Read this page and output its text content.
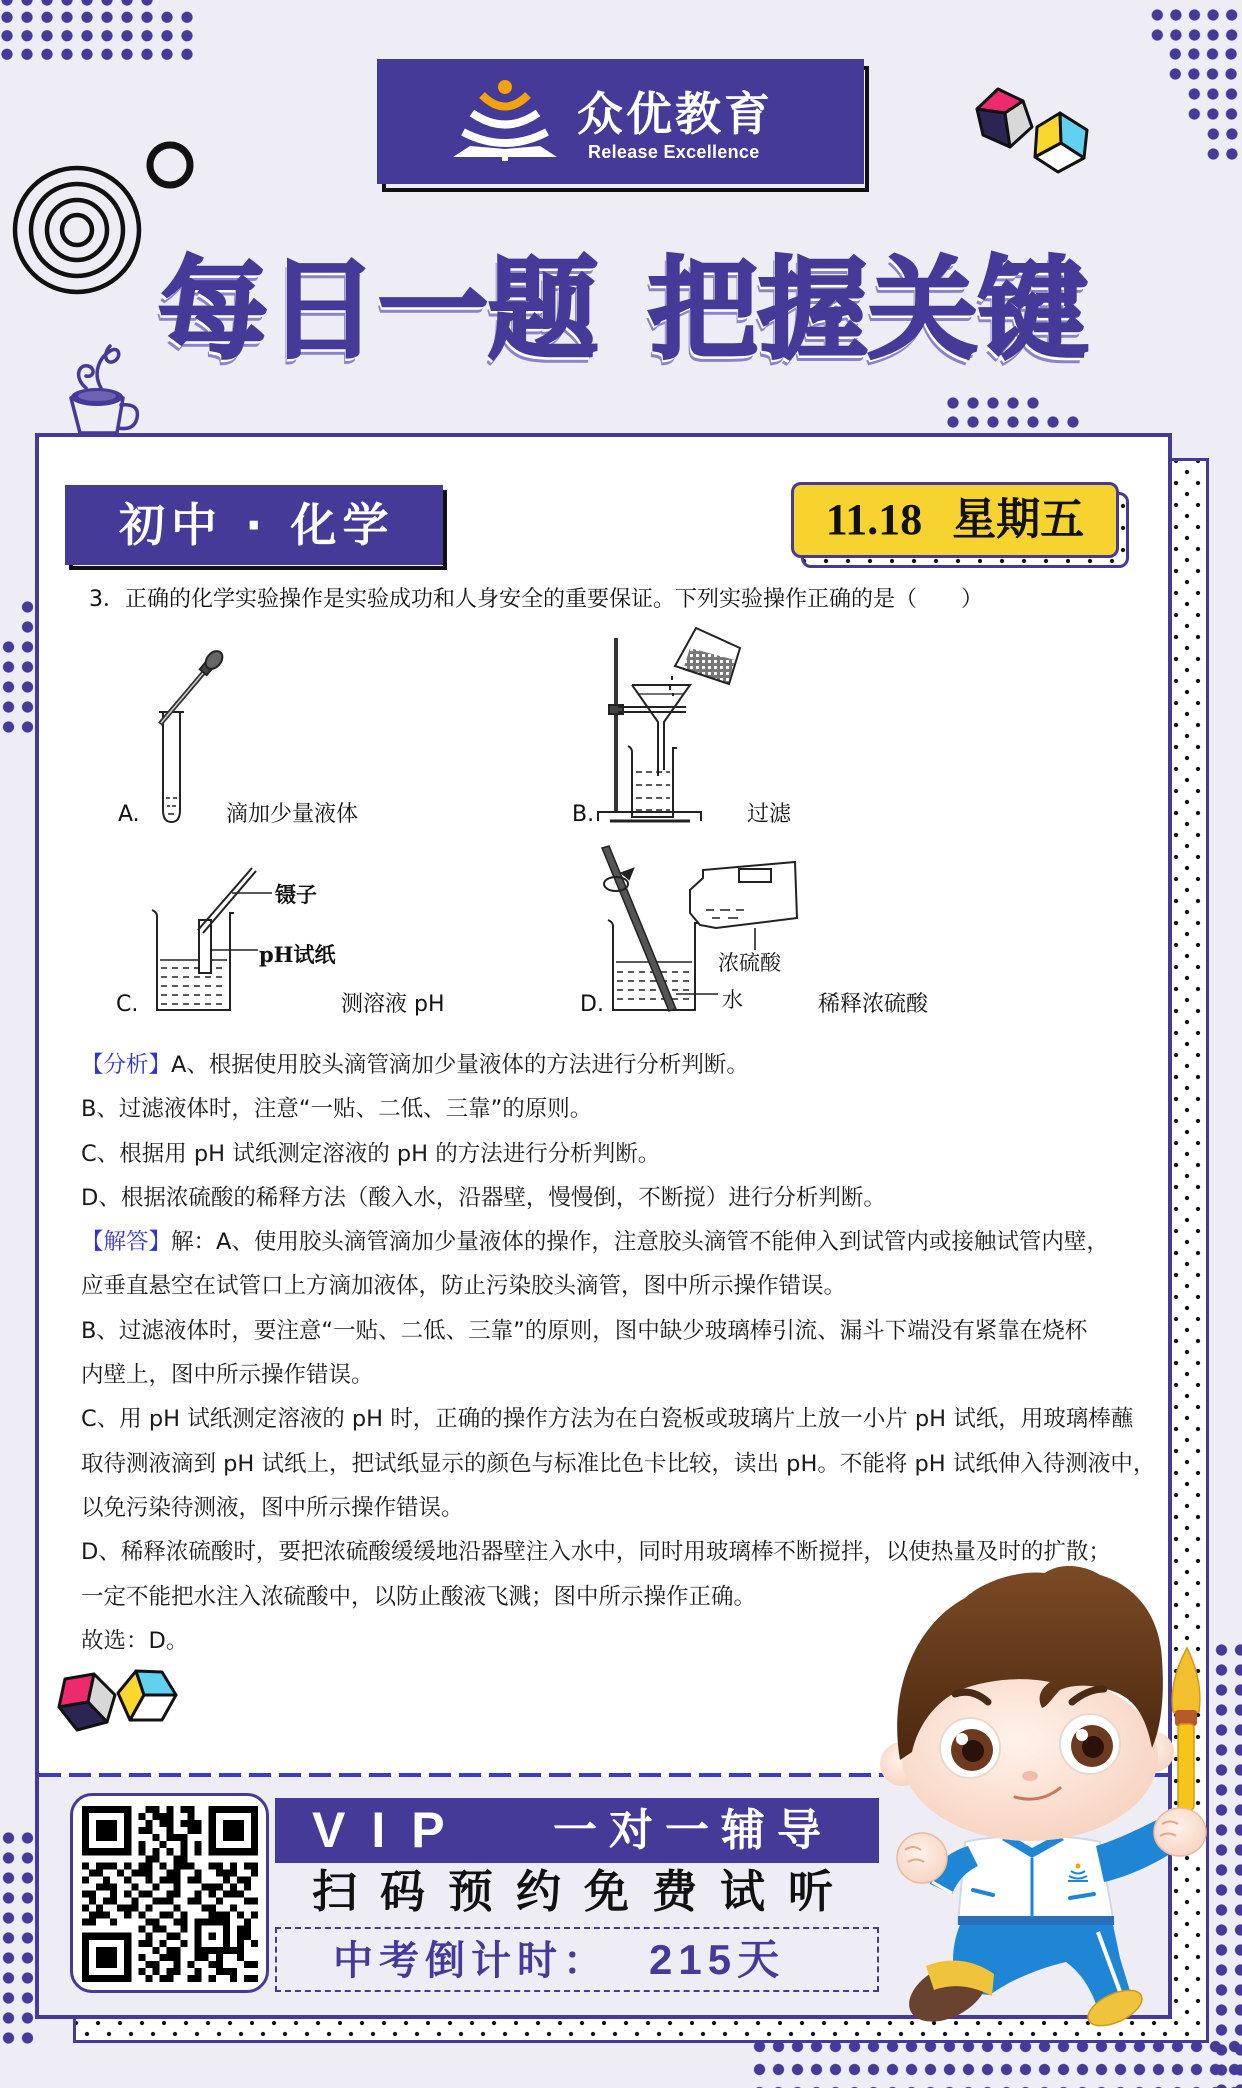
众优教育
Release Excellence
每日一题 把握关键
初中 · 化学	11.18 星期五
3．正确的化学实验操作是实验成功和人身安全的重要保证。下列实验操作正确的是（　　）
A.	滴加少量液体	B.	过滤
镊子
pH试纸
C.	测溶液 pH
浓硫酸
水
D.	稀释浓硫酸
【分析】A、根据使用胶头滴管滴加少量液体的方法进行分析判断。
B、过滤液体时，注意“一贴、二低、三靠”的原则。
C、根据用 pH 试纸测定溶液的 pH 的方法进行分析判断。
D、根据浓硫酸的稀释方法（酸入水，沿器壁，慢慢倒，不断搅）进行分析判断。
【解答】解：A、使用胶头滴管滴加少量液体的操作，注意胶头滴管不能伸入到试管内或接触试管内壁，
应垂直悬空在试管口上方滴加液体，防止污染胶头滴管，图中所示操作错误。
B、过滤液体时，要注意“一贴、二低、三靠”的原则，图中缺少玻璃棒引流、漏斗下端没有紧靠在烧杯
内壁上，图中所示操作错误。
C、用 pH 试纸测定溶液的 pH 时，正确的操作方法为在白瓷板或玻璃片上放一小片 pH 试纸，用玻璃棒蘸
取待测液滴到 pH 试纸上，把试纸显示的颜色与标准比色卡比较，读出 pH。不能将 pH 试纸伸入待测液中，
以免污染待测液，图中所示操作错误。
D、稀释浓硫酸时，要把浓硫酸缓缓地沿器壁注入水中，同时用玻璃棒不断搅拌，以使热量及时的扩散；
一定不能把水注入浓硫酸中，以防止酸液飞溅；图中所示操作正确。
故选：D。
VIP 一对一辅导
扫码预约免费试听
中考倒计时： 215天
